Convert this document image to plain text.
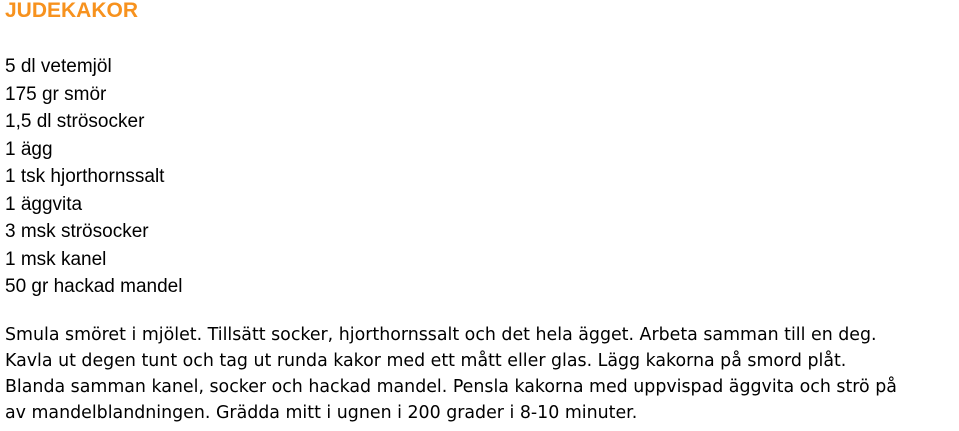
JUDEKAKOR
5 dl vetemjöl
175 gr smör
1,5 dl strösocker
1 ägg
1 tsk hjorthornssalt
1 äggvita
3 msk strösocker
1 msk kanel
50 gr hackad mandel

Smula smöret i mjölet. Tillsätt socker, hjorthornssalt och det hela ägget. Arbeta samman till en deg.
Kavla ut degen tunt och tag ut runda kakor med ett mått eller glas. Lägg kakorna på smord plåt.
Blanda samman kanel, socker och hackad mandel. Pensla kakorna med uppvispad äggvita och strö på
av mandelblandningen. Grädda mitt i ugnen i 200 grader i 8-10 minuter.
